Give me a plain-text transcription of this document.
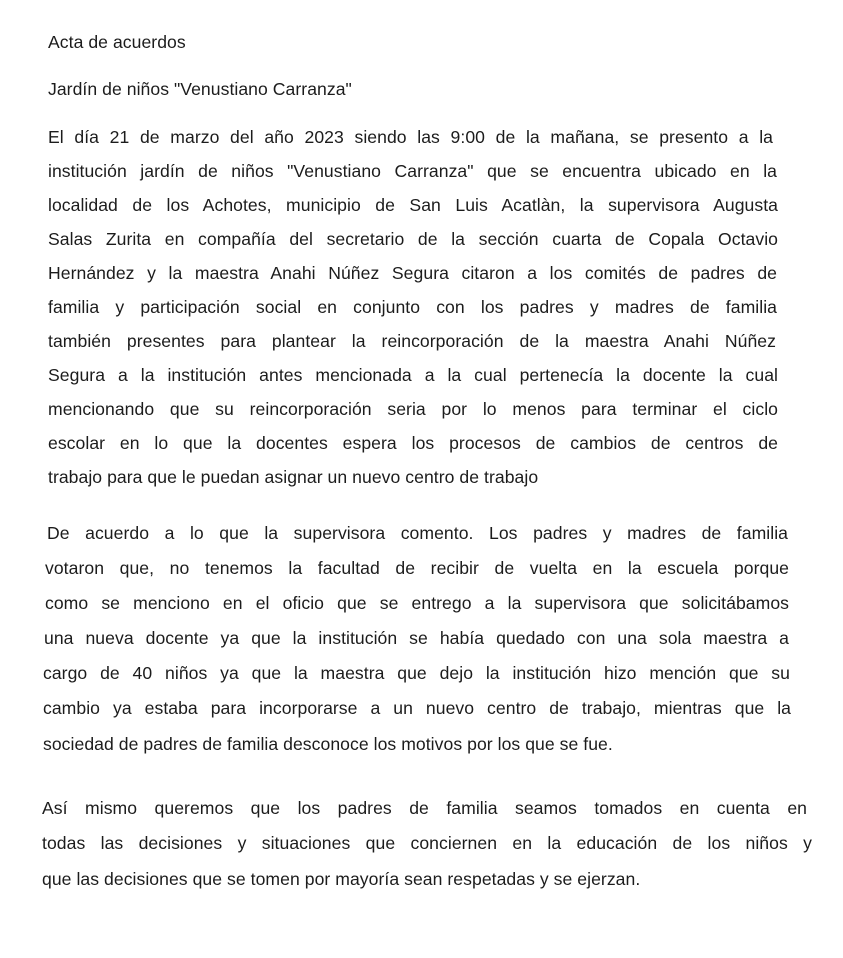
Acta de acuerdos
Jardín de niños "Venustiano Carranza"
El día 21 de marzo del año 2023 siendo las 9:00 de la mañana, se presento a la
institución jardín de niños "Venustiano Carranza" que se encuentra ubicado en la
localidad de los Achotes, municipio de San Luis Acatlàn, la supervisora Augusta
Salas Zurita en compañía del secretario de la sección cuarta de Copala Octavio
Hernández y la maestra Anahi Núñez Segura citaron a los comités de padres de
familia y participación social en conjunto con los padres y madres de familia
también presentes para plantear la reincorporación de la maestra Anahi Núñez
Segura a la institución antes mencionada a la cual pertenecía la docente la cual
mencionando que su reincorporación seria por lo menos para terminar el ciclo
escolar en lo que la docentes espera los procesos de cambios de centros de
trabajo para que le puedan asignar un nuevo centro de trabajo
De acuerdo a lo que la supervisora comento. Los padres y madres de familia
votaron que, no tenemos la facultad de recibir de vuelta en la escuela porque
como se menciono en el oficio que se entrego a la supervisora que solicitábamos
una nueva docente ya que la institución se había quedado con una sola maestra a
cargo de 40 niños ya que la maestra que dejo la institución hizo mención que su
cambio ya estaba para incorporarse a un nuevo centro de trabajo, mientras que la
sociedad de padres de familia desconoce los motivos por los que se fue.
Así mismo queremos que los padres de familia seamos tomados en cuenta en
todas las decisiones y situaciones que conciernen en la educación de los niños y
que las decisiones que se tomen por mayoría sean respetadas y se ejerzan.
